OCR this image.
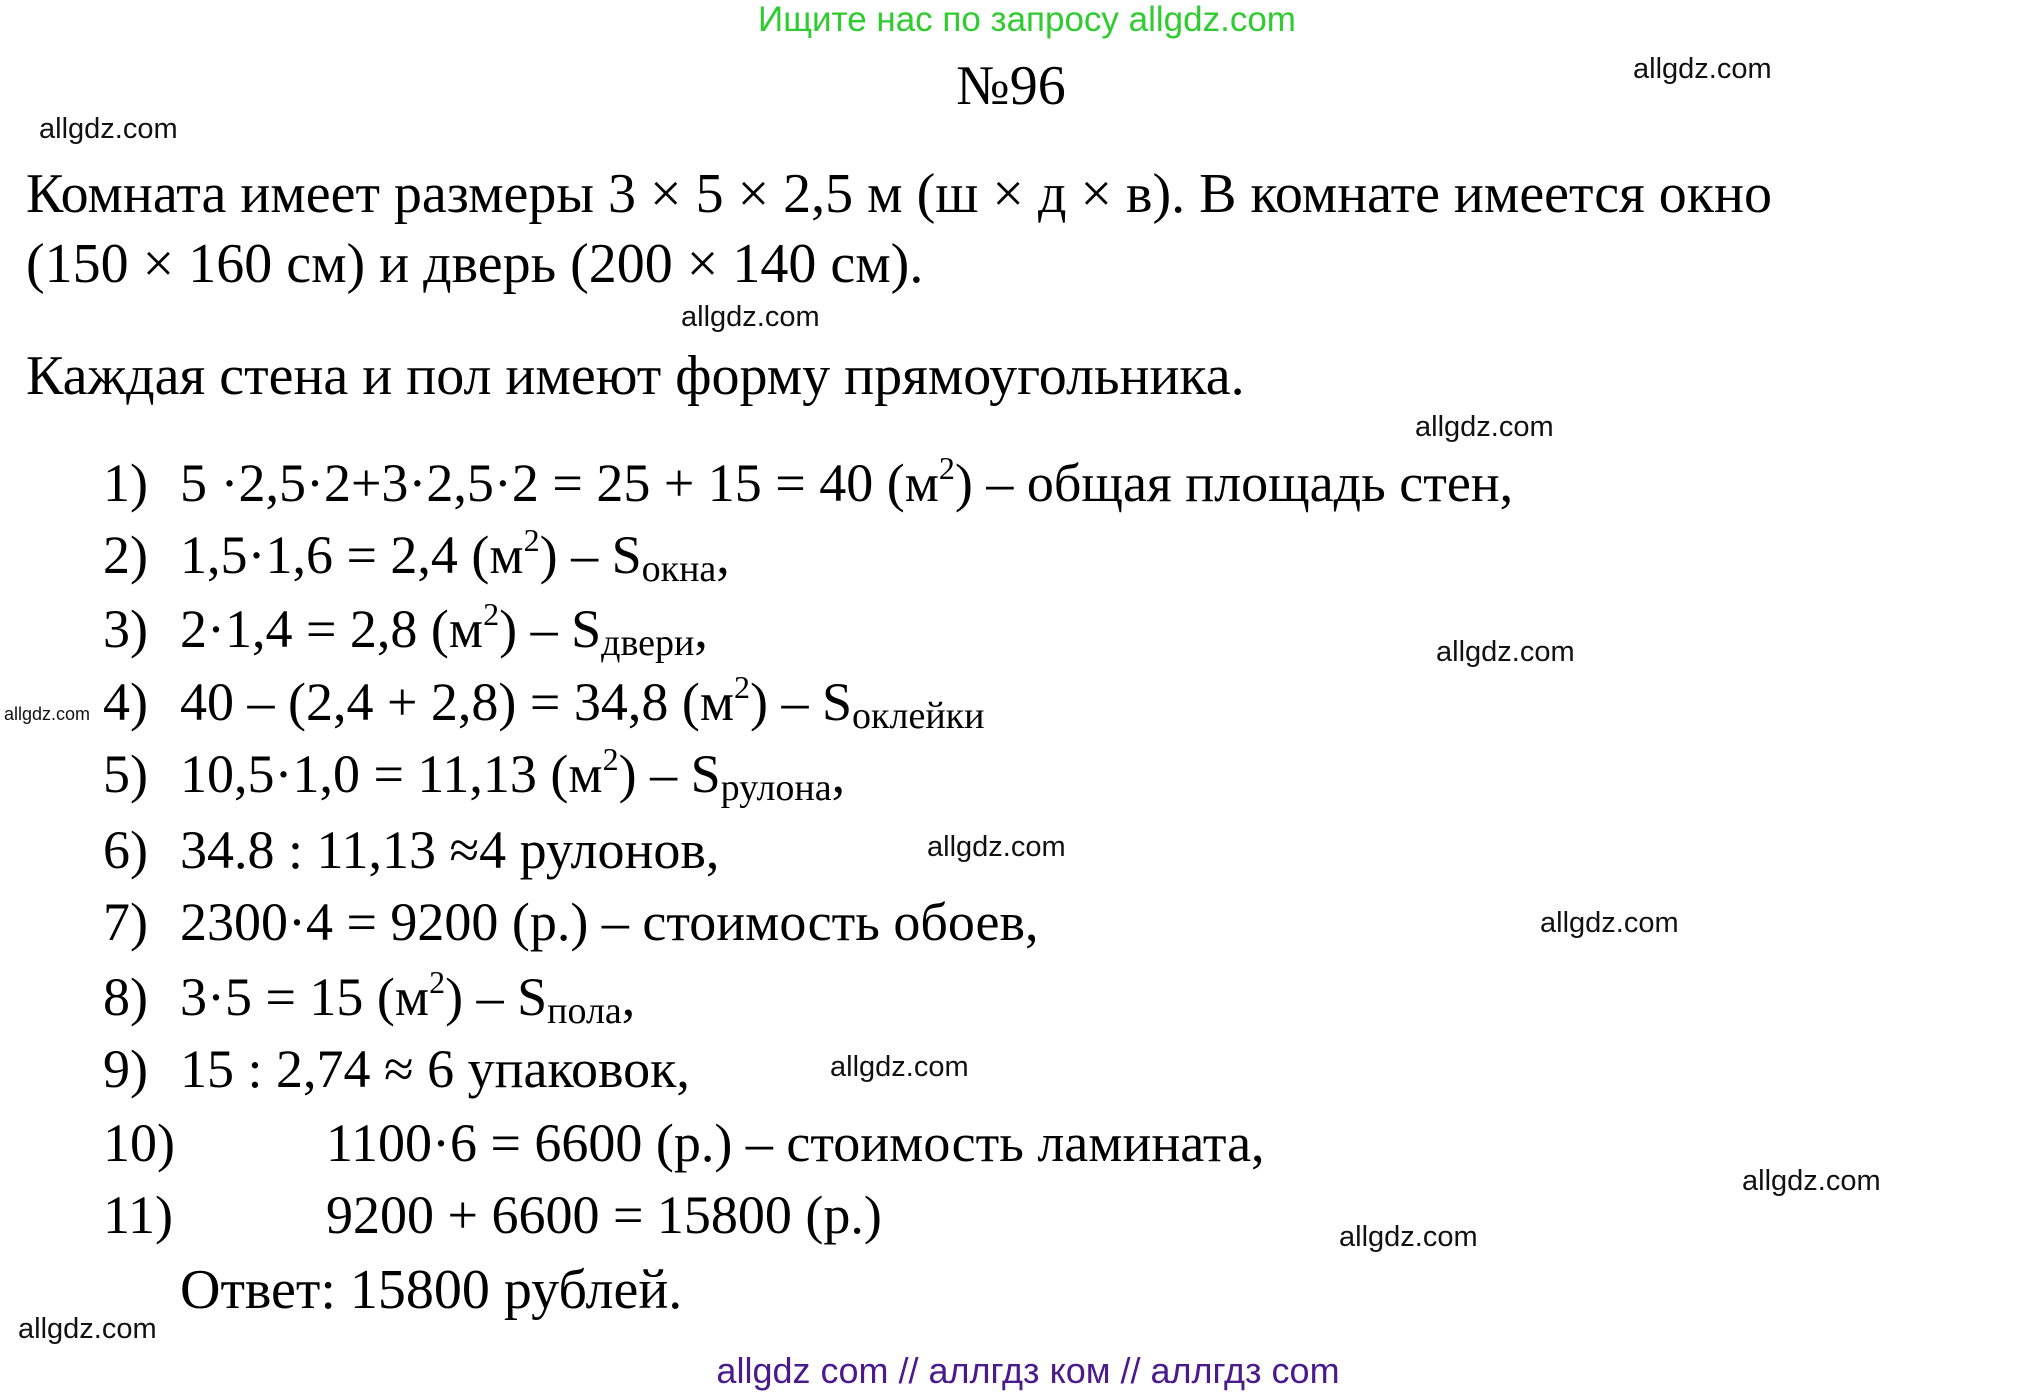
Ищите нас по запросу allgdz.com
№96
Комната имеет размеры 3 × 5 × 2,5 м (ш × д × в). В комнате имеется окно
(150 × 160 см) и дверь (200 × 140 см).
Каждая стена и пол имеют форму прямоугольника.
1) 5 ·2,5·2+3·2,5·2 = 25 + 15 = 40 $(м^2)$ – общая площадь стен,
2) 1,5·1,6 = 2,4 $(м^2) - S_{окна}$,
3) 2·1,4 = 2,8 $(м^2) - S_{двери}$,
4) 40 – (2,4 + 2,8) = 34,8 $(м^2) - S_{оклейки}$
5) 10,5·1,0 = 11,13 $(м^2) - S_{рулона}$,
6) 34.8 : 11,13 ≈4 рулонов,
7) 2300·4 = 9200 (р.) – стоимость обоев,
8) 3·5 = 15 $(м^2) - S_{пола}$,
9) 15 : 2,74 ≈ 6 упаковок,
10)	1100·6 = 6600 (р.) – стоимость ламината,
11)	9200 + 6600 = 15800 (р.)
Ответ: 15800 рублей.
allgdz.com
allgdz.com
allgdz.com
allgdz.com
allgdz.com
allgdz.com
allgdz.com
allgdz.com
allgdz.com
allgdz.com
allgdz.com
allgdz.com
allgdz com // аллгдз ком // аллгдз com
